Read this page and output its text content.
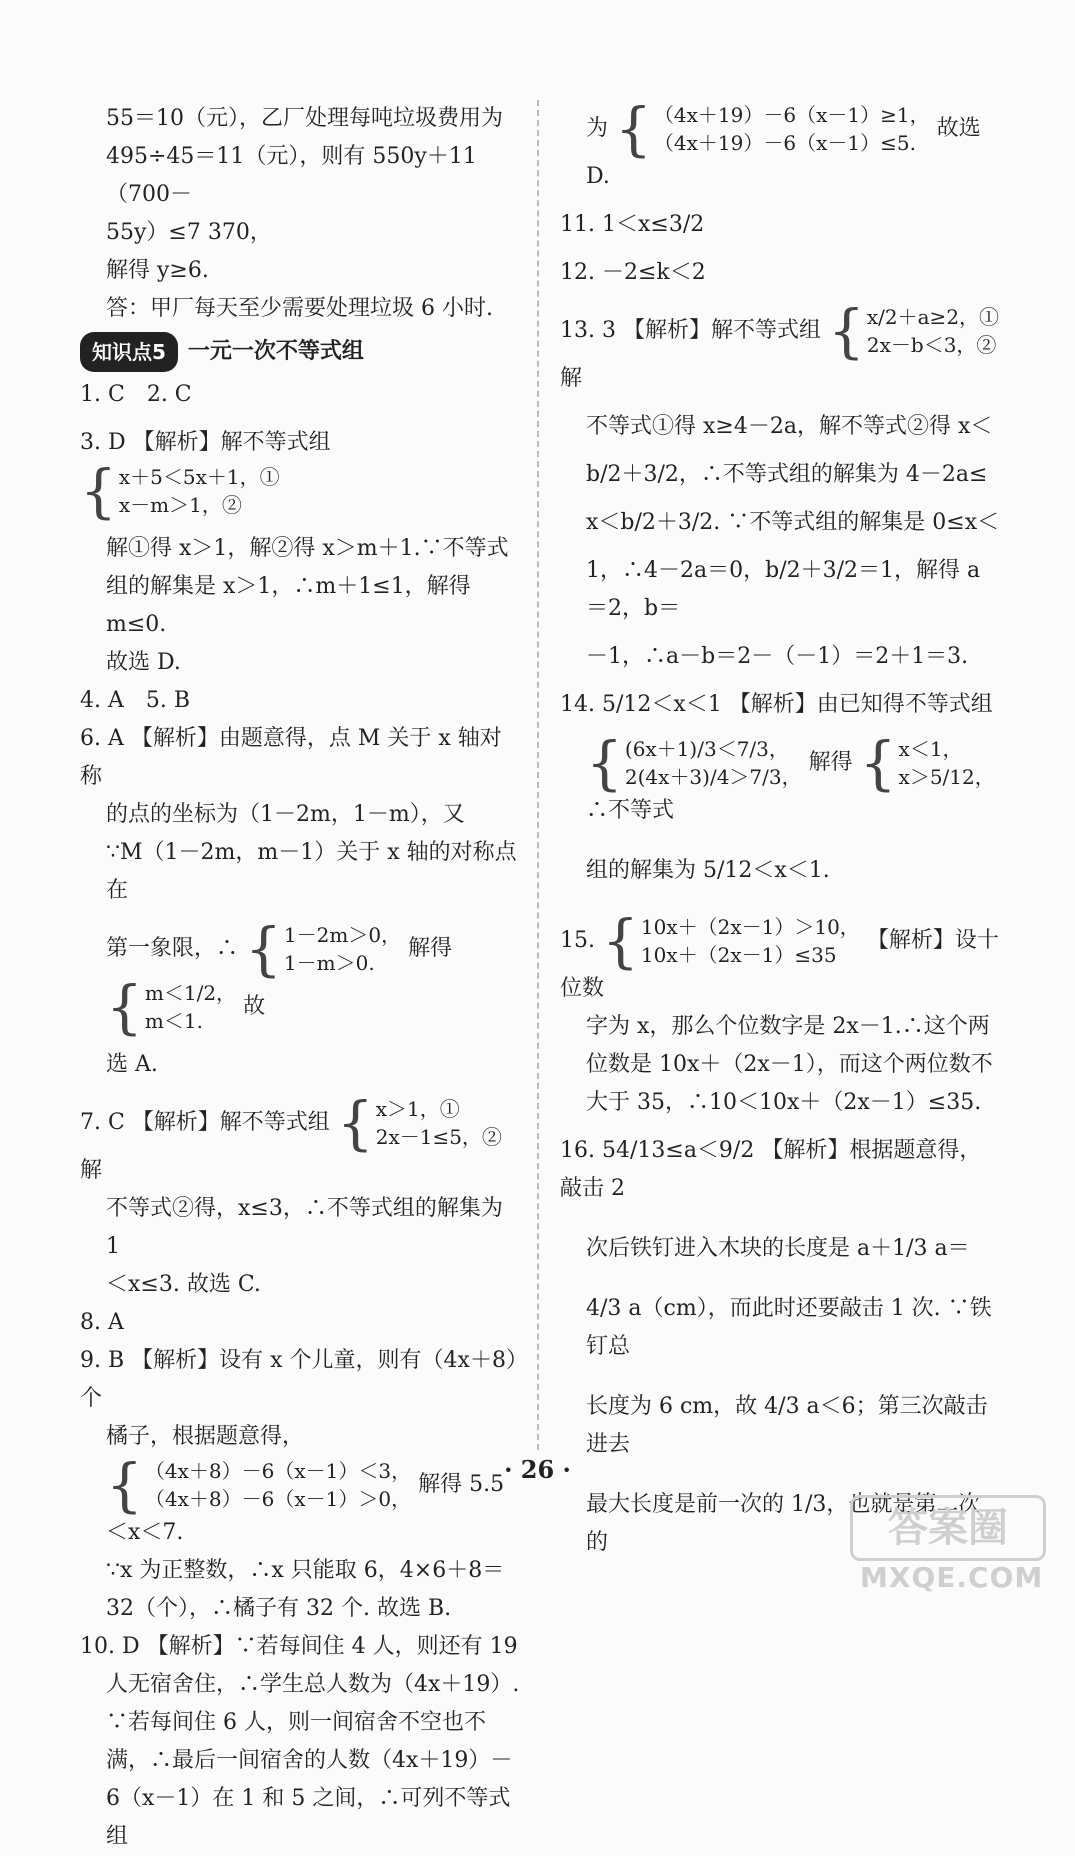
55＝10（元），乙厂处理每吨垃圾费用为

495÷45＝11（元），则有 550y＋11（700－

55y）≤7 370，

解得 y≥6.

答：甲厂每天至少需要处理垃圾 6 小时.

知识点5	一元一次不等式组

1. C　2. C

3. D 【解析】解不等式组
{ x＋5＜5x＋1，①
x－m＞1，②

解①得 x＞1，解②得 x＞m＋1.∵不等式

组的解集是 x＞1，∴m＋1≤1，解得 m≤0.

故选 D.

4. A　5. B

6. A 【解析】由题意得，点 M 关于 x 轴对称

的点的坐标为（1－2m，1－m），又

∵M（1－2m，m－1）关于 x 轴的对称点在

第一象限，∴ { 1－2m＞0，
1－m＞0.
解得
{ m＜1/2，
m＜1.
故

选 A.

7. C 【解析】解不等式组 { x＞1，①
2x－1≤5，②
解

不等式②得，x≤3，∴不等式组的解集为 1

＜x≤3. 故选 C.

8. A

9. B 【解析】设有 x 个儿童，则有（4x＋8）个

橘子，根据题意得，

{ （4x＋8）－6（x－1）＜3，
（4x＋8）－6（x－1）＞0，
解得 5.5＜x＜7.

∵x 为正整数，∴x 只能取 6，4×6＋8＝

32（个），∴橘子有 32 个. 故选 B.

10. D 【解析】∵若每间住 4 人，则还有 19

人无宿舍住，∴学生总人数为（4x＋19）.

∵若每间住 6 人，则一间宿舍不空也不

满，∴最后一间宿舍的人数（4x＋19）－

6（x－1）在 1 和 5 之间，∴可列不等式组

为 { （4x＋19）－6（x－1）≥1，
（4x＋19）－6（x－1）≤5.
故选 D.

11. 1＜x≤3/2

12. －2≤k＜2

13. 3 【解析】解不等式组 { x/2＋a≥2，①
2x－b＜3，②
解

不等式①得 x≥4－2a，解不等式②得 x＜

b/2＋3/2，∴不等式组的解集为 4－2a≤

x＜b/2＋3/2. ∵不等式组的解集是 0≤x＜

1，∴4－2a＝0，b/2＋3/2＝1，解得 a＝2，b＝

－1，∴a－b＝2－（－1）＝2＋1＝3.

14. 5/12＜x＜1 【解析】由已知得不等式组

{ (6x＋1)/3＜7/3，
2(4x＋3)/4＞7/3，
解得 { x＜1，
x＞5/12，
∴不等式

组的解集为 5/12＜x＜1.

15. { 10x＋（2x－1）＞10，
10x＋（2x－1）≤35
【解析】设十位数

字为 x，那么个位数字是 2x－1.∴这个两

位数是 10x＋（2x－1），而这个两位数不

大于 35，∴10＜10x＋（2x－1）≤35.

16. 54/13≤a＜9/2 【解析】根据题意得，敲击 2

次后铁钉进入木块的长度是 a＋1/3 a＝

4/3 a（cm），而此时还要敲击 1 次. ∵铁钉总

长度为 6 cm，故 4/3 a＜6；第三次敲击进去

最大长度是前一次的 1/3，也就是第二次的

· 26 ·
答案圈
MXQE.COM
